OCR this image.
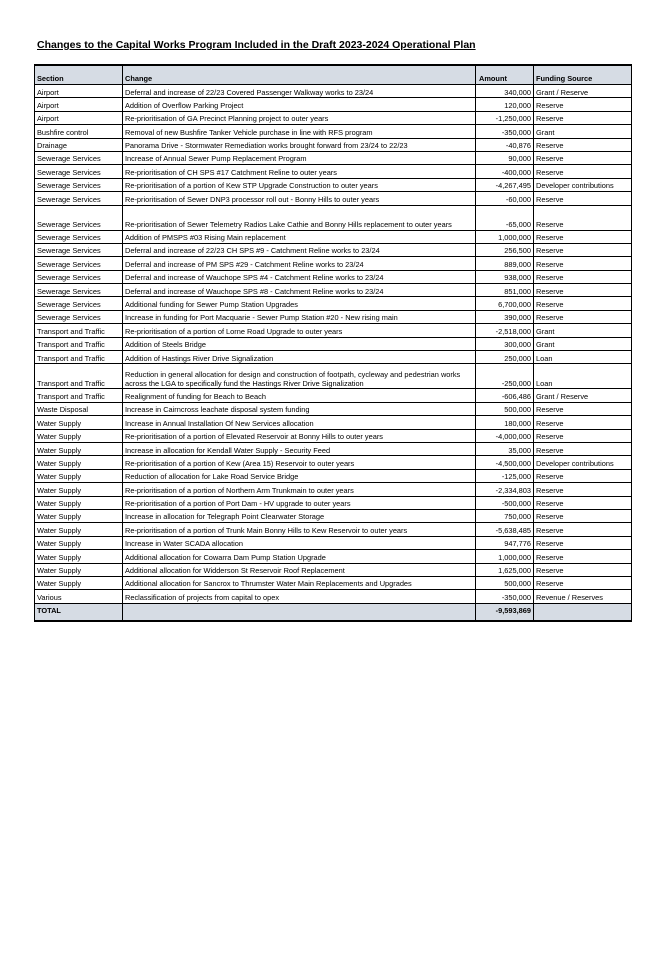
Changes to the Capital Works Program Included in the Draft 2023-2024 Operational Plan
Section	Change	Amount	Funding Source
Airport	Deferral and increase of 22/23 Covered Passenger Walkway works to 23/24	340,000	Grant / Reserve
Airport	Addition of Overflow Parking Project	120,000	Reserve
Airport	Re-prioritisation of GA Precinct Planning project to outer years	-1,250,000	Reserve
Bushfire control	Removal of new Bushfire Tanker Vehicle purchase in line with RFS program	-350,000	Grant
Drainage	Panorama Drive - Stormwater Remediation works brought forward from 23/24 to 22/23	-40,876	Reserve
Sewerage Services	Increase of Annual Sewer Pump Replacement Program	90,000	Reserve
Sewerage Services	Re-prioritisation of CH SPS #17 Catchment Reline to outer years	-400,000	Reserve
Sewerage Services	Re-prioritisation of a portion of Kew STP Upgrade Construction to outer years	-4,267,495	Developer contributions
Sewerage Services	Re-prioritisation of Sewer DNP3 processor roll out - Bonny Hills to outer years	-60,000	Reserve
Sewerage Services	Re-prioritisation of Sewer Telemetry Radios Lake Cathie and Bonny Hills replacement to outer years	-65,000	Reserve
Sewerage Services	Addition of PMSPS #03 Rising Main replacement	1,000,000	Reserve
Sewerage Services	Deferral and increase of 22/23 CH SPS #9 - Catchment Reline works to 23/24	256,500	Reserve
Sewerage Services	Deferral and increase of PM SPS #29 - Catchment Reline works to 23/24	889,000	Reserve
Sewerage Services	Deferral and increase of Wauchope SPS #4 - Catchment Reline works to 23/24	938,000	Reserve
Sewerage Services	Deferral and increase of Wauchope SPS #8 - Catchment Reline works to 23/24	851,000	Reserve
Sewerage Services	Additional funding for Sewer Pump Station Upgrades	6,700,000	Reserve
Sewerage Services	Increase in funding for Port Macquarie - Sewer Pump Station #20 - New rising main	390,000	Reserve
Transport and Traffic	Re-prioritisation of a portion of Lorne Road Upgrade to outer years	-2,518,000	Grant
Transport and Traffic	Addition of Steels Bridge	300,000	Grant
Transport and Traffic	Addition of Hastings River Drive Signalization	250,000	Loan
Transport and Traffic	Reduction in general allocation for design and construction of footpath, cycleway and pedestrian works across the LGA to specifically fund the Hastings River Drive Signalization	-250,000	Loan
Transport and Traffic	Realignment of funding for Beach to Beach	-606,486	Grant / Reserve
Waste Disposal	Increase in Cairncross leachate disposal system funding	500,000	Reserve
Water Supply	Increase in Annual Installation Of New Services allocation	180,000	Reserve
Water Supply	Re-prioritisation of a portion of Elevated Reservoir at Bonny Hills to outer years	-4,000,000	Reserve
Water Supply	Increase in allocation for Kendall Water Supply - Security Feed	35,000	Reserve
Water Supply	Re-prioritisation of a portion of Kew (Area 15) Reservoir to outer years	-4,500,000	Developer contributions
Water Supply	Reduction of allocation for Lake Road Service Bridge	-125,000	Reserve
Water Supply	Re-prioritisation of a portion of Northern Arm Trunkmain to outer years	-2,334,803	Reserve
Water Supply	Re-prioritisation of a portion of Port Dam - HV upgrade to outer years	-500,000	Reserve
Water Supply	Increase in allocation for Telegraph Point Clearwater Storage	750,000	Reserve
Water Supply	Re-prioritisation of a portion of Trunk Main Bonny Hills to Kew Reservoir to outer years	-5,638,485	Reserve
Water Supply	Increase in Water SCADA allocation	947,776	Reserve
Water Supply	Additional allocation for Cowarra Dam Pump Station Upgrade	1,000,000	Reserve
Water Supply	Additional allocation for Widderson St Reservoir Roof Replacement	1,625,000	Reserve
Water Supply	Additional allocation for Sancrox to Thrumster Water Main Replacements and Upgrades	500,000	Reserve
Various	Reclassification of projects from capital to opex	-350,000	Revenue / Reserves
TOTAL		-9,593,869	
